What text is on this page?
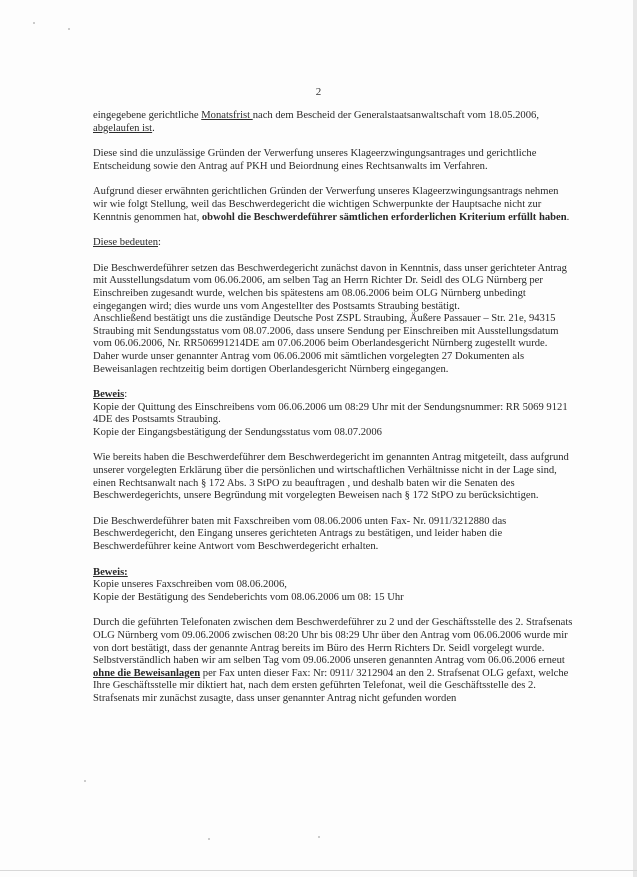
2

eingegebene gerichtliche Monatsfrist nach dem Bescheid der Generalstaatsanwaltschaft vom 18.05.2006, abgelaufen ist.

Diese sind die unzulässige Gründen der Verwerfung unseres Klageerzwingungsantrages und gerichtliche Entscheidung sowie den Antrag auf PKH und Beiordnung eines Rechtsanwalts im Verfahren.

Aufgrund dieser erwähnten gerichtlichen Gründen der Verwerfung unseres Klageerzwingungsantrags nehmen wir wie folgt Stellung, weil das Beschwerdegericht die wichtigen Schwerpunkte der Hauptsache nicht zur Kenntnis genommen hat, obwohl die Beschwerdeführer sämtlichen erforderlichen Kriterium erfüllt haben.

Diese bedeuten:

Die Beschwerdeführer setzen das Beschwerdegericht zunächst davon in Kenntnis, dass unser gerichteter Antrag mit Ausstellungsdatum vom 06.06.2006, am selben Tag an Herrn Richter Dr. Seidl des OLG Nürnberg per Einschreiben zugesandt wurde, welchen bis spätestens am 08.06.2006 beim OLG Nürnberg unbedingt eingegangen wird; dies wurde uns vom Angestellter des Postsamts Straubing bestätigt.
Anschließend bestätigt uns die zuständige Deutsche Post ZSPL Straubing, Äußere Passauer – Str. 21e, 94315 Straubing mit Sendungsstatus vom 08.07.2006, dass unsere Sendung per Einschreiben mit Ausstellungsdatum vom 06.06.2006, Nr. RR506991214DE am 07.06.2006 beim Oberlandesgericht Nürnberg zugestellt wurde.
Daher wurde unser genannter Antrag vom 06.06.2006 mit sämtlichen vorgelegten 27 Dokumenten als Beweisanlagen rechtzeitig beim dortigen Oberlandesgericht Nürnberg eingegangen.

Beweis:
Kopie der Quittung des Einschreibens vom 06.06.2006 um 08:29 Uhr mit der Sendungsnummer: RR 5069 9121 4DE des Postsamts Straubing.
Kopie der Eingangsbestätigung der Sendungsstatus vom 08.07.2006

Wie bereits haben die Beschwerdeführer dem Beschwerdegericht im genannten Antrag mitgeteilt, dass aufgrund unserer vorgelegten Erklärung über die persönlichen und wirtschaftlichen Verhältnisse nicht in der Lage sind, einen Rechtsanwalt nach § 172 Abs. 3 StPO zu beauftragen , und deshalb baten wir die Senaten des Beschwerdegerichts, unsere Begründung mit vorgelegten Beweisen nach § 172 StPO zu berücksichtigen.

Die Beschwerdeführer baten mit Faxschreiben vom 08.06.2006 unten Fax- Nr. 0911/3212880 das Beschwerdegericht, den Eingang unseres gerichteten Antrags zu bestätigen, und leider haben die Beschwerdeführer keine Antwort vom Beschwerdegericht erhalten.

Beweis:
Kopie unseres Faxschreiben vom 08.06.2006,
Kopie der Bestätigung des Sendeberichts vom 08.06.2006 um 08: 15 Uhr

Durch die geführten Telefonaten zwischen dem Beschwerdeführer zu 2 und der Geschäftsstelle des 2. Strafsenats OLG Nürnberg vom 09.06.2006 zwischen 08:20 Uhr bis 08:29 Uhr über den Antrag vom 06.06.2006 wurde mir von dort bestätigt, dass der genannte Antrag bereits im Büro des Herrn Richters Dr. Seidl vorgelegt wurde. Selbstverständlich haben wir am selben Tag vom 09.06.2006 unseren genannten Antrag vom 06.06.2006 erneut ohne die Beweisanlagen per Fax unten dieser Fax: Nr: 0911/ 3212904 an den 2. Strafsenat OLG gefaxt, welche Ihre Geschäftsstelle mir diktiert hat, nach dem ersten geführten Telefonat, weil die Geschäftsstelle des 2. Strafsenats mir zunächst zusagte, dass unser genannter Antrag nicht gefunden worden
